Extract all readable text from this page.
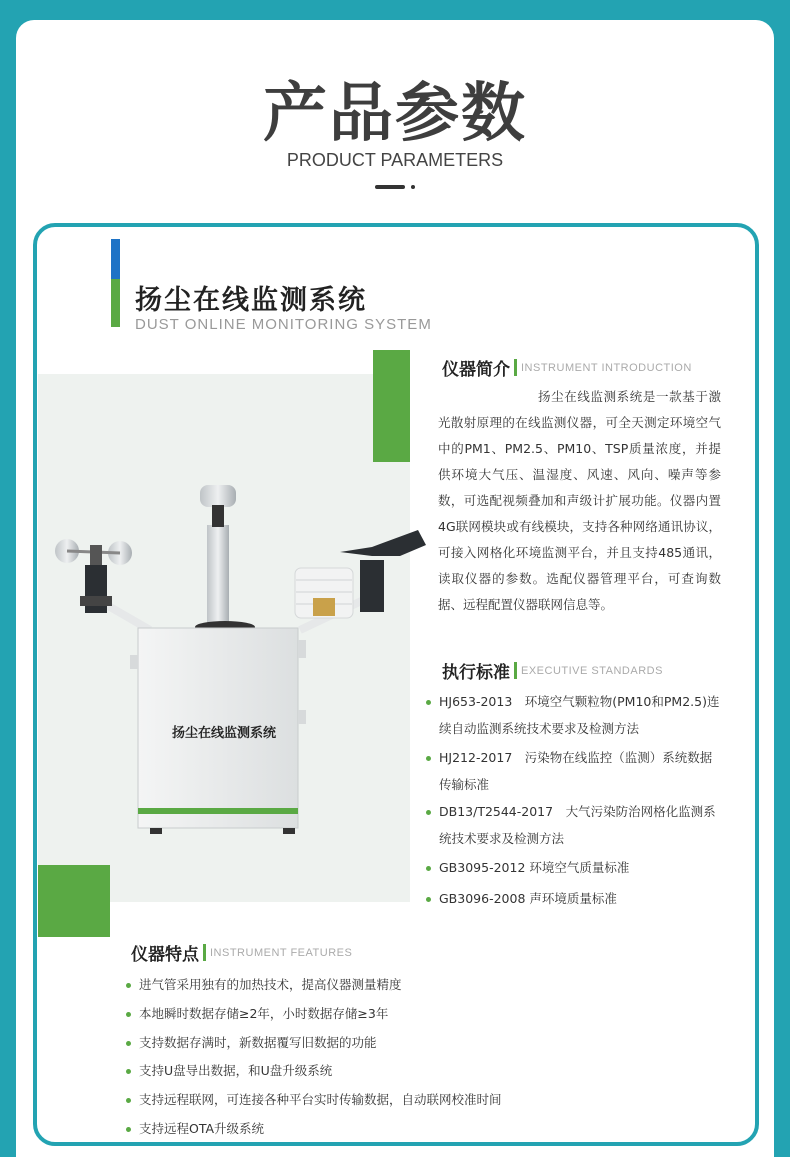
产品参数
PRODUCT PARAMETERS
扬尘在线监测系统
DUST ONLINE MONITORING SYSTEM
扬尘在线监测系统
仪器简介 INSTRUMENT INTRODUCTION
扬尘在线监测系统是一款基于激光散射原理的在线监测仪器，可全天测定环境空气中的PM1、PM2.5、PM10、TSP质量浓度，并提供环境大气压、温湿度、风速、风向、噪声等参数，可选配视频叠加和声级计扩展功能。仪器内置4G联网模块或有线模块，支持各种网络通讯协议，可接入网格化环境监测平台，并且支持485通讯，读取仪器的参数。选配仪器管理平台，可查询数据、远程配置仪器联网信息等。
执行标准 EXECUTIVE STANDARDS
HJ653-2013　环境空气颗粒物(PM10和PM2.5)连续自动监测系统技术要求及检测方法
HJ212-2017　污染物在线监控（监测）系统数据传输标准
DB13/T2544-2017　大气污染防治网格化监测系统技术要求及检测方法
GB3095-2012 环境空气质量标准
GB3096-2008 声环境质量标准
仪器特点 INSTRUMENT FEATURES
进气管采用独有的加热技术，提高仪器测量精度
本地瞬时数据存储≥2年，小时数据存储≥3年
支持数据存满时，新数据覆写旧数据的功能
支持U盘导出数据，和U盘升级系统
支持远程联网，可连接各种平台实时传输数据，自动联网校准时间
支持远程OTA升级系统
